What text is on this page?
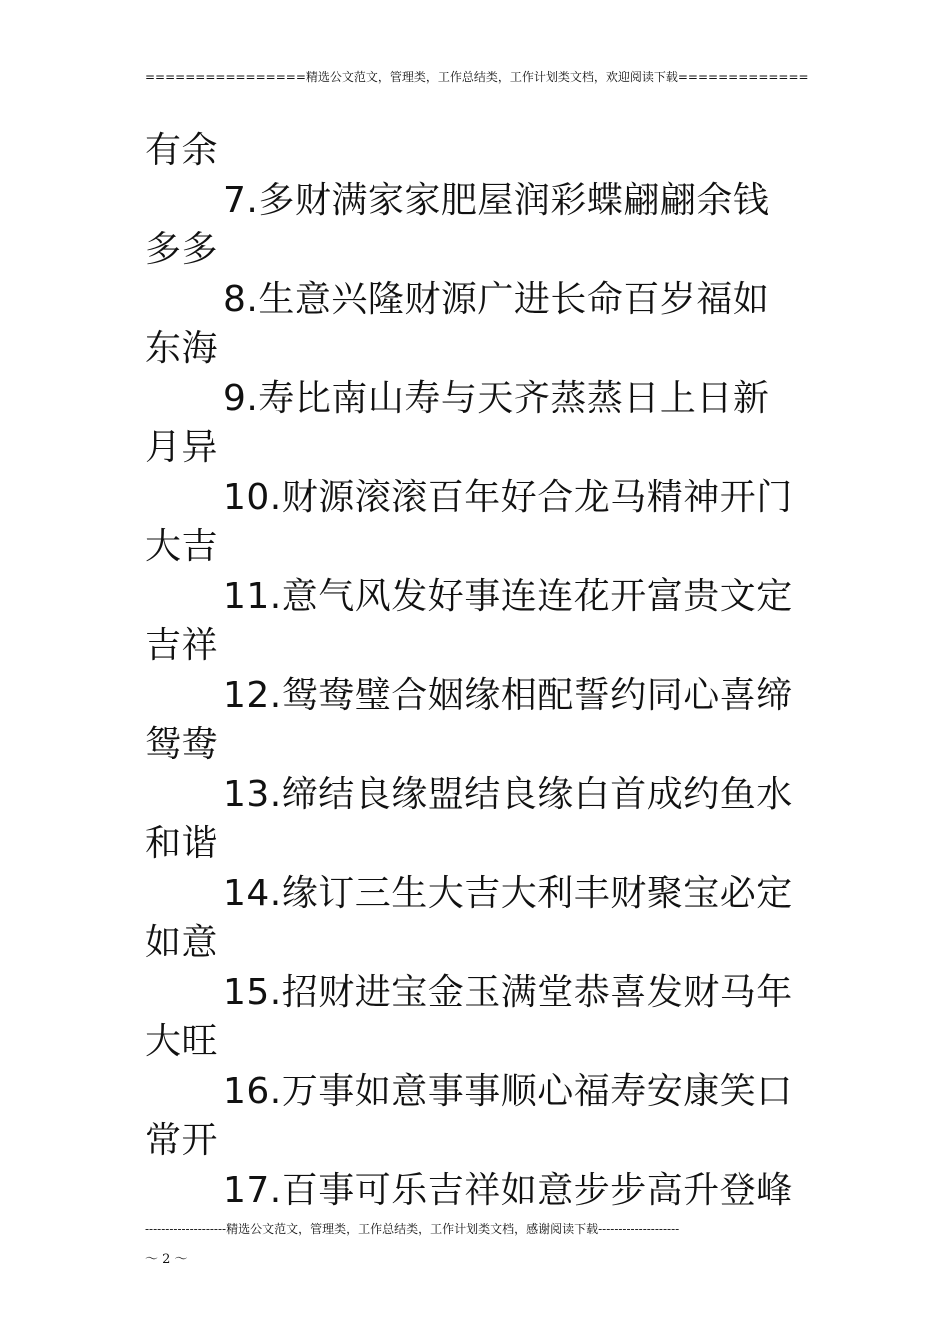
================精选公文范文，管理类，工作总结类，工作计划类文档，欢迎阅读下载=============
有余
7.多财满家家肥屋润彩蝶翩翩余钱
多多
8.生意兴隆财源广进长命百岁福如
东海
9.寿比南山寿与天齐蒸蒸日上日新
月异
10.财源滚滚百年好合龙马精神开门
大吉
11.意气风发好事连连花开富贵文定
吉祥
12.鸳鸯璧合姻缘相配誓约同心喜缔
鸳鸯
13.缔结良缘盟结良缘白首成约鱼水
和谐
14.缘订三生大吉大利丰财聚宝必定
如意
15.招财进宝金玉满堂恭喜发财马年
大旺
16.万事如意事事顺心福寿安康笑口
常开
17.百事可乐吉祥如意步步高升登峰
--------------------精选公文范文，管理类，工作总结类，工作计划类文档，感谢阅读下载--------------------
～ 2 ～
